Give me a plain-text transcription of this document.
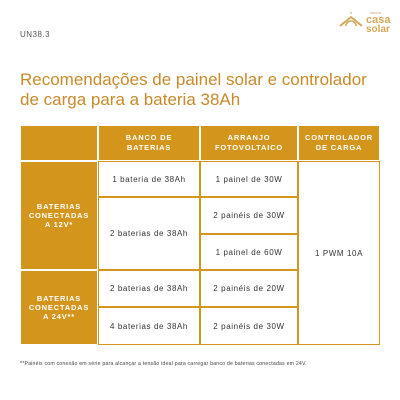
UN38.3
minha
casa
solar
Recomendações de painel solar e controlador de carga para a bateria 38Ah
	BANCO DE BATERIAS	ARRANJO FOTOVOLTAICO	CONTROLADOR DE CARGA
BATERIAS CONECTADAS A 12V*	1 bateria de 38Ah	1 painel de 30W	1 PWM 10A
	2 baterias de 38Ah	2 painéis de 30W	
		1 painel de 60W	
BATERIAS CONECTADAS A 24V**	2 baterias de 38Ah	2 painéis de 20W	
	4 baterias de 38Ah	2 painéis de 30W	
**Painéis com conexão em série para alcançar a tensão ideal para carregar banco de baterias conectadas em 24V.
